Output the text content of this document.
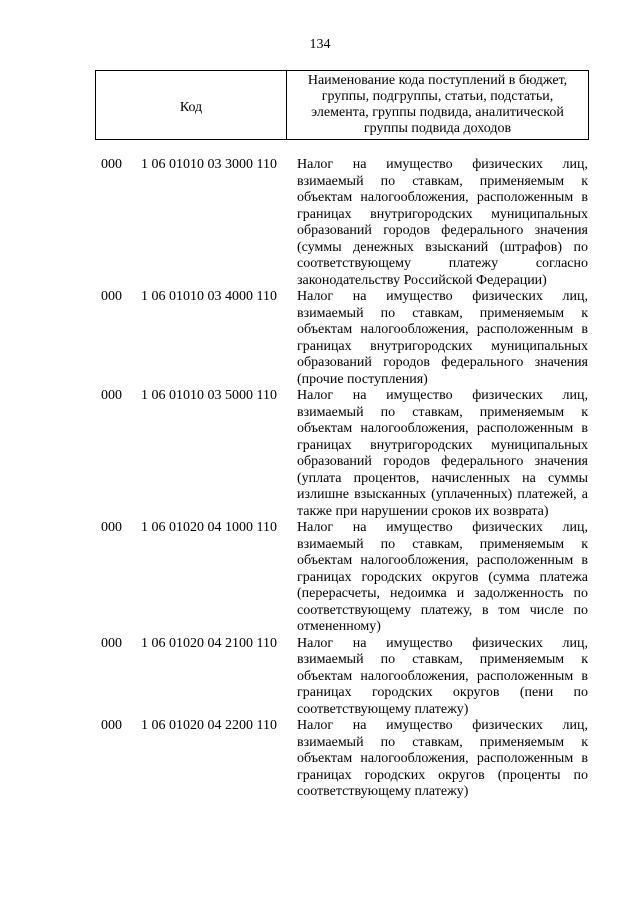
134
Код
Наименование кода поступлений в бюджет, группы, подгруппы, статьи, подстатьи, элемента, группы подвида, аналитической группы подвида доходов
000	1 06 01010 03 3000 110	Налог на имущество физических лиц, взимаемый по ставкам, применяемым к объектам налогообложения, расположенным в границах внутригородских муниципальных образований городов федерального значения (суммы денежных взысканий (штрафов) по соответствующему платежу согласно законодательству Российской Федерации)
000	1 06 01010 03 4000 110	Налог на имущество физических лиц, взимаемый по ставкам, применяемым к объектам налогообложения, расположенным в границах внутригородских муниципальных образований городов федерального значения (прочие поступления)
000	1 06 01010 03 5000 110	Налог на имущество физических лиц, взимаемый по ставкам, применяемым к объектам налогообложения, расположенным в границах внутригородских муниципальных образований городов федерального значения (уплата процентов, начисленных на суммы излишне взысканных (уплаченных) платежей, а также при нарушении сроков их возврата)
000	1 06 01020 04 1000 110	Налог на имущество физических лиц, взимаемый по ставкам, применяемым к объектам налогообложения, расположенным в границах городских округов (сумма платежа (перерасчеты, недоимка и задолженность по соответствующему платежу, в том числе по отмененному)
000	1 06 01020 04 2100 110	Налог на имущество физических лиц, взимаемый по ставкам, применяемым к объектам налогообложения, расположенным в границах городских округов (пени по соответствующему платежу)
000	1 06 01020 04 2200 110	Налог на имущество физических лиц, взимаемый по ставкам, применяемым к объектам налогообложения, расположенным в границах городских округов (проценты по соответствующему платежу)
